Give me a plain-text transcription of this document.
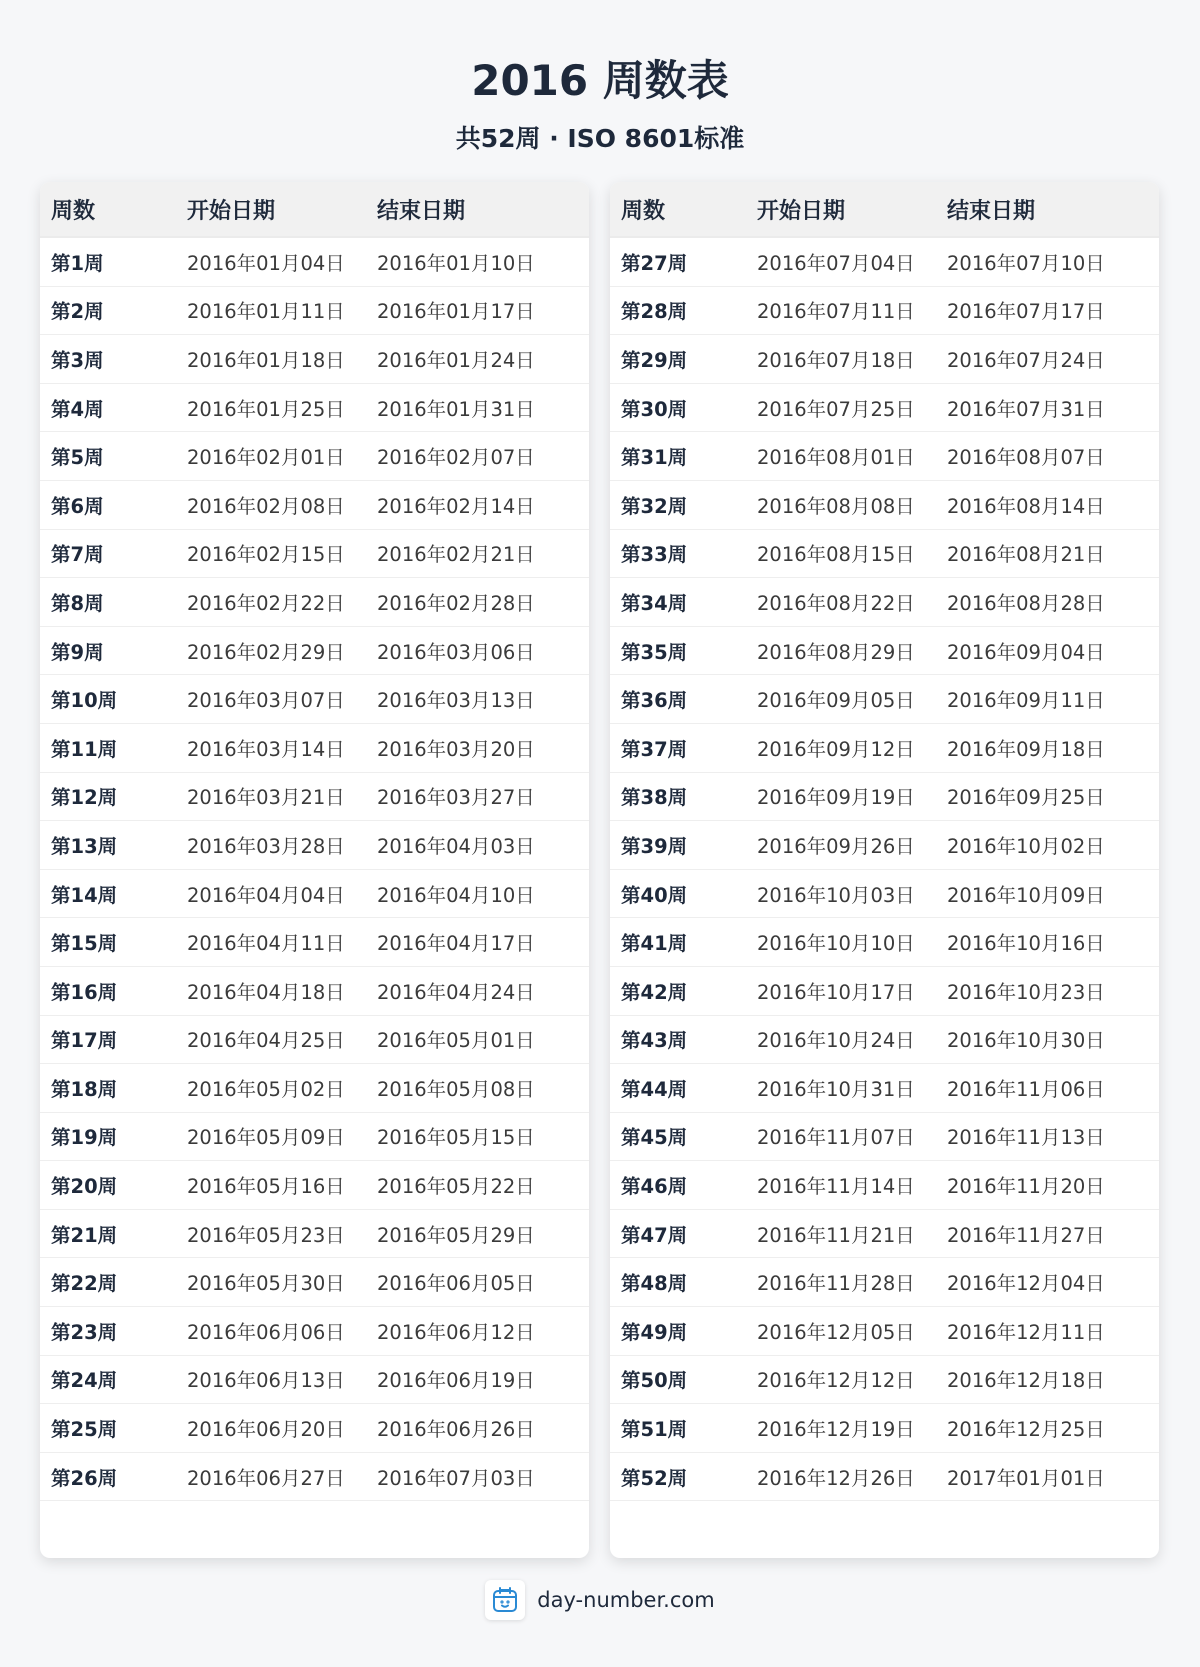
2016 周数表
共52周 · ISO 8601标准
周数	开始日期	结束日期
第1周	2016年01月04日	2016年01月10日
第2周	2016年01月11日	2016年01月17日
第3周	2016年01月18日	2016年01月24日
第4周	2016年01月25日	2016年01月31日
第5周	2016年02月01日	2016年02月07日
第6周	2016年02月08日	2016年02月14日
第7周	2016年02月15日	2016年02月21日
第8周	2016年02月22日	2016年02月28日
第9周	2016年02月29日	2016年03月06日
第10周	2016年03月07日	2016年03月13日
第11周	2016年03月14日	2016年03月20日
第12周	2016年03月21日	2016年03月27日
第13周	2016年03月28日	2016年04月03日
第14周	2016年04月04日	2016年04月10日
第15周	2016年04月11日	2016年04月17日
第16周	2016年04月18日	2016年04月24日
第17周	2016年04月25日	2016年05月01日
第18周	2016年05月02日	2016年05月08日
第19周	2016年05月09日	2016年05月15日
第20周	2016年05月16日	2016年05月22日
第21周	2016年05月23日	2016年05月29日
第22周	2016年05月30日	2016年06月05日
第23周	2016年06月06日	2016年06月12日
第24周	2016年06月13日	2016年06月19日
第25周	2016年06月20日	2016年06月26日
第26周	2016年06月27日	2016年07月03日
周数	开始日期	结束日期
第27周	2016年07月04日	2016年07月10日
第28周	2016年07月11日	2016年07月17日
第29周	2016年07月18日	2016年07月24日
第30周	2016年07月25日	2016年07月31日
第31周	2016年08月01日	2016年08月07日
第32周	2016年08月08日	2016年08月14日
第33周	2016年08月15日	2016年08月21日
第34周	2016年08月22日	2016年08月28日
第35周	2016年08月29日	2016年09月04日
第36周	2016年09月05日	2016年09月11日
第37周	2016年09月12日	2016年09月18日
第38周	2016年09月19日	2016年09月25日
第39周	2016年09月26日	2016年10月02日
第40周	2016年10月03日	2016年10月09日
第41周	2016年10月10日	2016年10月16日
第42周	2016年10月17日	2016年10月23日
第43周	2016年10月24日	2016年10月30日
第44周	2016年10月31日	2016年11月06日
第45周	2016年11月07日	2016年11月13日
第46周	2016年11月14日	2016年11月20日
第47周	2016年11月21日	2016年11月27日
第48周	2016年11月28日	2016年12月04日
第49周	2016年12月05日	2016年12月11日
第50周	2016年12月12日	2016年12月18日
第51周	2016年12月19日	2016年12月25日
第52周	2016年12月26日	2017年01月01日
day-number.com
